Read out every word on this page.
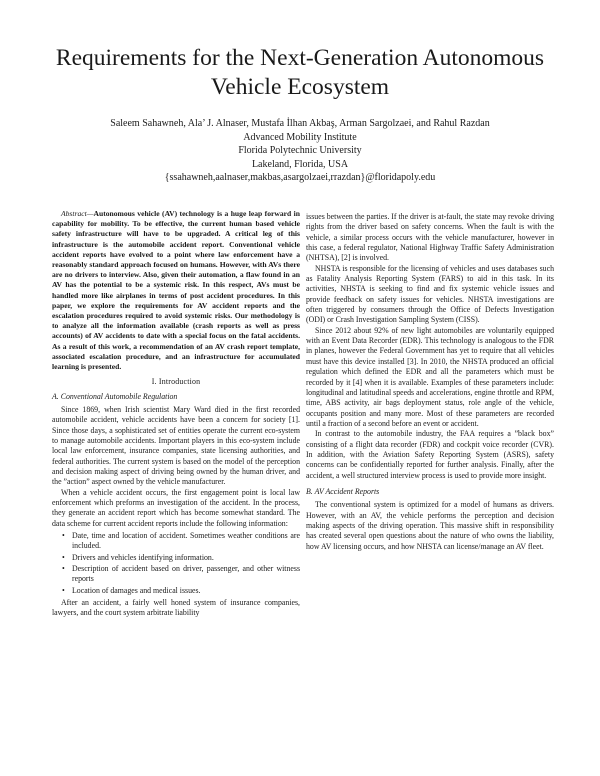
Requirements for the Next-Generation Autonomous Vehicle Ecosystem
Saleem Sahawneh, Ala’ J. Alnaser, Mustafa İlhan Akbaş, Arman Sargolzaei, and Rahul Razdan
Advanced Mobility Institute
Florida Polytechnic University
Lakeland, Florida, USA
{ssahawneh,aalnaser,makbas,asargolzaei,rrazdan}@floridapoly.edu

Abstract—Autonomous vehicle (AV) technology is a huge leap forward in capability for mobility. To be effective, the current human based vehicle safety infrastructure will have to be upgraded. A critical leg of this infrastructure is the automobile accident report. Conventional vehicle accident reports have evolved to a point where law enforcement have a reasonably standard approach focused on humans. However, with AVs there are no drivers to interview. Also, given their automation, a flaw found in an AV has the potential to be a systemic risk. In this respect, AVs must be handled more like airplanes in terms of post accident procedures. In this paper, we explore the requirements for AV accident reports and the escalation procedures required to avoid systemic risks. Our methodology is to analyze all the information available (crash reports as well as press accounts) of AV accidents to date with a special focus on the fatal accidents. As a result of this work, a recommendation of an AV crash report template, associated escalation procedure, and an infrastructure for accumulated learning is presented.

I. Introduction
A. Conventional Automobile Regulation

Since 1869, when Irish scientist Mary Ward died in the first recorded automobile accident, vehicle accidents have been a concern for society [1]. Since those days, a sophisticated set of entities operate the current eco-system to manage automobile accidents. Important players in this eco-system include local law enforcement, insurance companies, state licensing authorities, and federal authorities. The current system is based on the model of the perception and decision making aspect of driving being owned by the human driver, and the ”action” aspect owned by the vehicle manufacturer.

When a vehicle accident occurs, the first engagement point is local law enforcement which preforms an investigation of the accident. In the process, they generate an accident report which has become somewhat standard. The data scheme for current accident reports include the following information:

• Date, time and location of accident. Sometimes weather conditions are included.
• Drivers and vehicles identifying information.
• Description of accident based on driver, passenger, and other witness reports
• Location of damages and medical issues.

After an accident, a fairly well honed system of insurance companies, lawyers, and the court system arbitrate liability

issues between the parties. If the driver is at-fault, the state may revoke driving rights from the driver based on safety concerns. When the fault is with the vehicle, a similar process occurs with the vehicle manufacturer, however in this case, a federal regulator, National Highway Traffic Safety Administration (NHTSA), [2] is involved.

NHSTA is responsible for the licensing of vehicles and uses databases such as Fatality Analysis Reporting System (FARS) to aid in this task. In its activities, NHSTA is seeking to find and fix systemic vehicle issues and provide feedback on safety issues for vehicles. NHSTA investigations are often triggered by consumers through the Office of Defects Investigation (ODI) or Crash Investigation Sampling System (CISS).

Since 2012 about 92% of new light automobiles are voluntarily equipped with an Event Data Recorder (EDR). This technology is analogous to the FDR in planes, however the Federal Government has yet to require that all vehicles must have this device installed [3]. In 2010, the NHSTA produced an official regulation which defined the EDR and all the parameters which must be recorded by it [4] when it is available. Examples of these parameters include: longitudinal and latitudinal speeds and accelerations, engine throttle and RPM, time, ABS activity, air bags deployment status, role angle of the vehicle, occupants position and many more. Most of these parameters are recorded until a fraction of a second before an event or accident.

In contrast to the automobile industry, the FAA requires a ”black box” consisting of a flight data recorder (FDR) and cockpit voice recorder (CVR). In addition, with the Aviation Safety Reporting System (ASRS), safety concerns can be confidentially reported for further analysis. Finally, after the accident, a well structured interview process is used to provide more insight.

B. AV Accident Reports

The conventional system is optimized for a model of humans as drivers. However, with an AV, the vehicle performs the perception and decision making aspects of the driving operation. This massive shift in responsibility has created several open questions about the nature of who owns the liability, how AV licensing occurs, and how NHSTA can license/manage an AV fleet.
